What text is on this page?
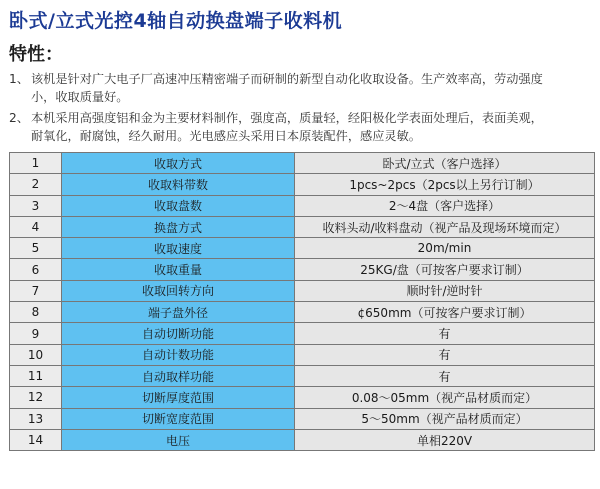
卧式/立式光控4轴自动换盘端子收料机
特性：
1、 该机是针对广大电子厂高速冲压精密端子而研制的新型自动化收取设备。生产效率高，劳动强度
小，收取质量好。
2、 本机采用高强度铝和金为主要材料制作，强度高，质量轻，经阳极化学表面处理后，表面美观，
耐氧化，耐腐蚀，经久耐用。光电感应头采用日本原装配件，感应灵敏。
1	收取方式	卧式/立式（客户选择）
2	收取料带数	1pcs~2pcs（2pcs以上另行订制）
3	收取盘数	2～4盘（客户选择）
4	换盘方式	收料头动/收料盘动（视产品及现场环境而定）
5	收取速度	20m/min
6	收取重量	25KG/盘（可按客户要求订制）
7	收取回转方向	顺时针/逆时针
8	端子盘外径	¢650mm（可按客户要求订制）
9	自动切断功能	有
10	自动计数功能	有
11	自动取样功能	有
12	切断厚度范围	0.08～05mm（视产品材质而定）
13	切断宽度范围	5～50mm（视产品材质而定）
14	电压	单相220V
